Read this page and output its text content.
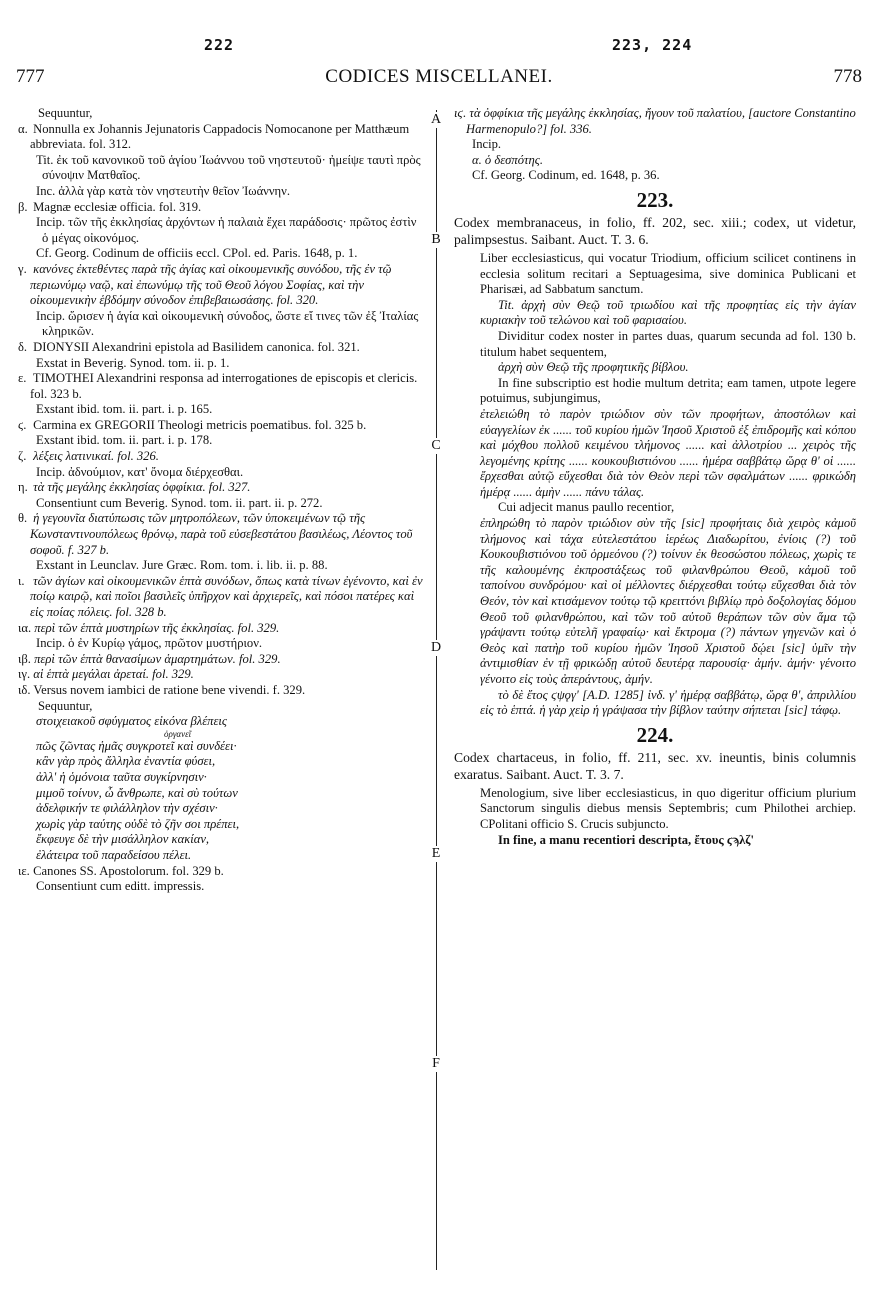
222	223, 224
777	CODICES MISCELLANEI.	778
A
B
C
D
E
F
Sequuntur,

α. Nonnulla ex Johannis Jejunatoris Cappadocis Nomocanone per Matthæum abbreviata. fol. 312.

Tit. ἐκ τοῦ κανονικοῦ τοῦ ἁγίου Ἰωάννου τοῦ νηστευτοῦ· ἠμείψε ταυτὶ πρὸς σύνοψιν Ματθαῖος.
Inc. ἀλλὰ γὰρ κατὰ τὸν νηστευτὴν θεῖον Ἰωάννην.

β. Magnæ ecclesiæ officia. fol. 319.

Incip. τῶν τῆς ἐκκλησίας ἀρχόντων ἡ παλαιὰ ἔχει παράδοσις· πρῶτος ἐστὶν ὁ μέγας οἰκονόμος.
Cf. Georg. Codinum de officiis eccl. CPol. ed. Paris. 1648, p. 1.

γ. κανόνες ἐκτεθέντες παρὰ τῆς ἁγίας καὶ οἰκουμενικῆς συνόδου, τῆς ἐν τῷ περιωνύμῳ ναῷ, καὶ ἐπωνύμῳ τῆς τοῦ Θεοῦ λόγου Σοφίας, καὶ τὴν οἰκουμενικὴν ἑβδόμην σύνοδον ἐπιβεβαιωσάσης. fol. 320.

Incip. ὥρισεν ἡ ἁγία καὶ οἰκουμενικὴ σύνοδος, ὥστε εἴ τινες τῶν ἐξ Ἰταλίας κληρικῶν.

δ. DIONYSII Alexandrini epistola ad Basilidem canonica. fol. 321.

Exstat in Beverig. Synod. tom. ii. p. 1.

ε. TIMOTHEI Alexandrini responsa ad interrogationes de episcopis et clericis. fol. 323 b.

Exstant ibid. tom. ii. part. i. p. 165.

ϛ. Carmina ex GREGORII Theologi metricis poematibus. fol. 325 b.

Exstant ibid. tom. ii. part. i. p. 178.

ζ. λέξεις λατινικαί. fol. 326.

Incip. ἀδνούμιον, κατ' ὄνομα διέρχεσθαι.

η. τὰ τῆς μεγάλης ἐκκλησίας ὀφφίκια. fol. 327.

Consentiunt cum Beverig. Synod. tom. ii. part. ii. p. 272.

θ. ἡ γεγουνῖα διατύπωσις τῶν μητροπόλεων, τῶν ὑποκειμένων τῷ τῆς Κωνσταντινουπόλεως θρόνῳ, παρὰ τοῦ εὐσεβεστάτου βασιλέως, Λέοντος τοῦ σοφοῦ. f. 327 b.

Exstant in Leunclav. Jure Græc. Rom. tom. i. lib. ii. p. 88.

ι. τῶν ἁγίων καὶ οἰκουμενικῶν ἑπτὰ συνόδων, ὅπως κατὰ τίνων ἐγένοντο, καὶ ἐν ποίῳ καιρῷ, καὶ ποῖοι βασιλεῖς ὑπῆρχον καὶ ἀρχιερεῖς, καὶ πόσοι πατέρες καὶ εἰς ποίας πόλεις. fol. 328 b.

ια. περὶ τῶν ἑπτὰ μυστηρίων τῆς ἐκκλησίας. fol. 329.

Incip. ὁ ἐν Κυρίῳ γάμος, πρῶτον μυστήριον.

ιβ. περὶ τῶν ἑπτὰ θανασίμων ἁμαρτημάτων. fol. 329.

ιγ. αἱ ἑπτὰ μεγάλαι ἀρεταί. fol. 329.

ιδ. Versus novem iambici de ratione bene vivendi. f. 329.

Sequuntur,
στοιχειακοῦ σφύγματος εἰκόνα βλέπεις
ὀργανεῖ
πῶς ζῶντας ἡμᾶς συγκροτεῖ καὶ συνδέει·
κἂν γὰρ πρὸς ἄλληλα ἐναντία φύσει,
ἀλλ' ἡ ὁμόνοια ταῦτα συγκίρνησιν·
μιμοῦ τοίνυν, ὦ ἄνθρωπε, καὶ σὺ τούτων
ἀδελφικήν τε φιλάλληλον τὴν σχέσιν·
χωρὶς γὰρ ταύτης οὐδὲ τὸ ζῆν σοι πρέπει,
ἔκφευγε δὲ τὴν μισάλληλον κακίαν,
ἐλάτειρα τοῦ παραδείσου πέλει.

ιε. Canones SS. Apostolorum. fol. 329 b.

Consentiunt cum editt. impressis.

ιϛ. τὰ ὀφφίκια τῆς μεγάλης ἐκκλησίας, ἤγουν τοῦ παλατίου, [auctore Constantino Harmenopulo?] fol. 336.

Incip.
α. ὁ δεσπότης.
Cf. Georg. Codinum, ed. 1648, p. 36.
223.
Codex membranaceus, in folio, ff. 202, sec. xiii.; codex, ut videtur, palimpsestus. Saibant. Auct. T. 3. 6.
Liber ecclesiasticus, qui vocatur Triodium, officium scilicet continens in ecclesia solitum recitari a Septuagesima, sive dominica Publicani et Pharisæi, ad Sabbatum sanctum.
Tit. ἀρχὴ σὺν Θεῷ τοῦ τριωδίου καὶ τῆς προφητίας εἰς τὴν ἁγίαν κυριακὴν τοῦ τελώνου καὶ τοῦ φαρισαίου.
Dividitur codex noster in partes duas, quarum secunda ad fol. 130 b. titulum habet sequentem,
ἀρχὴ σὺν Θεῷ τῆς προφητικῆς βίβλου.
In fine subscriptio est hodie multum detrita; eam tamen, utpote legere potuimus, subjungimus,
ἐτελειώθη τὸ παρὸν τριώδιον σὺν τῶν προφήτων, ἀποστόλων καὶ εὐαγγελίων ἐκ ...... τοῦ κυρίου ἡμῶν Ἰησοῦ Χριστοῦ ἐξ ἐπιδρομῆς καὶ κόπου καὶ μόχθου πολλοῦ κειμένου τλήμονος ...... καὶ ἀλλοτρίου ... χειρὸς τῆς λεγομένης κρίτης ...... κουκουβιστιόνου ...... ἡμέρα σαββάτῳ ὥρᾳ θ' οἱ ...... ἔρχεσθαι αὐτῷ εὔχεσθαι διὰ τὸν Θεὸν περὶ τῶν σφαλμάτων ...... φρικώδη ἡμέρᾳ ...... ἀμὴν ...... πάνυ τάλας.
Cui adjecit manus paullo recentior,
ἐπληρώθη τὸ παρὸν τριώδιον σὺν τῆς [sic] προφήταις διὰ χειρὸς κἀμοῦ τλήμονος καὶ τάχα εὐτελεστάτου ἱερέως Διαδωρίτου, ἐνίοις (?) τοῦ Κουκουβιστιόνου τοῦ ὁρμεόνου (?) τοίνυν ἐκ θεοσώστου πόλεως, χωρὶς τε τῆς καλουμένης ἐκπροστάξεως τοῦ φιλανθρώπου Θεοῦ, κἀμοῦ τοῦ ταποίνου συνδρόμου· καὶ οἱ μέλλοντες διέρχεσθαι τούτῳ εὔχεσθαι διὰ τὸν Θεόν, τὸν καὶ κτισάμενον τούτῳ τῷ κρειττόνι βιβλίῳ πρὸ δοξολογίας δόμου Θεοῦ τοῦ φιλανθρώπου, καὶ τῶν τοῦ αὐτοῦ θεράπων τῶν σὺν ἅμα τῷ γράψαντι τούτῳ εὐτελῆ γραφαίῳ· καὶ ἔκτρομα (?) πάντων γηγενῶν καὶ ὁ Θεὸς καὶ πατὴρ τοῦ κυρίου ἡμῶν Ἰησοῦ Χριστοῦ δῴει [sic] ὑμῖν τὴν ἀντιμισθίαν ἐν τῇ φρικώδῃ αὐτοῦ δευτέρᾳ παρουσίᾳ· ἀμήν. ἀμήν· γένοιτο γένοιτο εἰς τοὺς ἀπεράντους, ἀμήν.
τὸ δὲ ἔτος ϛψϙγ' [A.D. 1285] ἰνδ. γ' ἡμέρᾳ σαββάτῳ, ὥρᾳ θ', ἀπριλλίου εἰς τὸ ἑπτά. ἡ γὰρ χεὶρ ἡ γράψασα τὴν βίβλον ταύτην σήπεται [sic] τάφῳ.
224.
Codex chartaceus, in folio, ff. 211, sec. xv. ineuntis, binis columnis exaratus. Saibant. Auct. T. 3. 7.
Menologium, sive liber ecclesiasticus, in quo digeritur officium plurium Sanctorum singulis diebus mensis Septembris; cum Philothei archiep. CPolitani officio S. Crucis subjuncto.
In fine, a manu recentiori descripta, ἔτους ϛϡλζ'
